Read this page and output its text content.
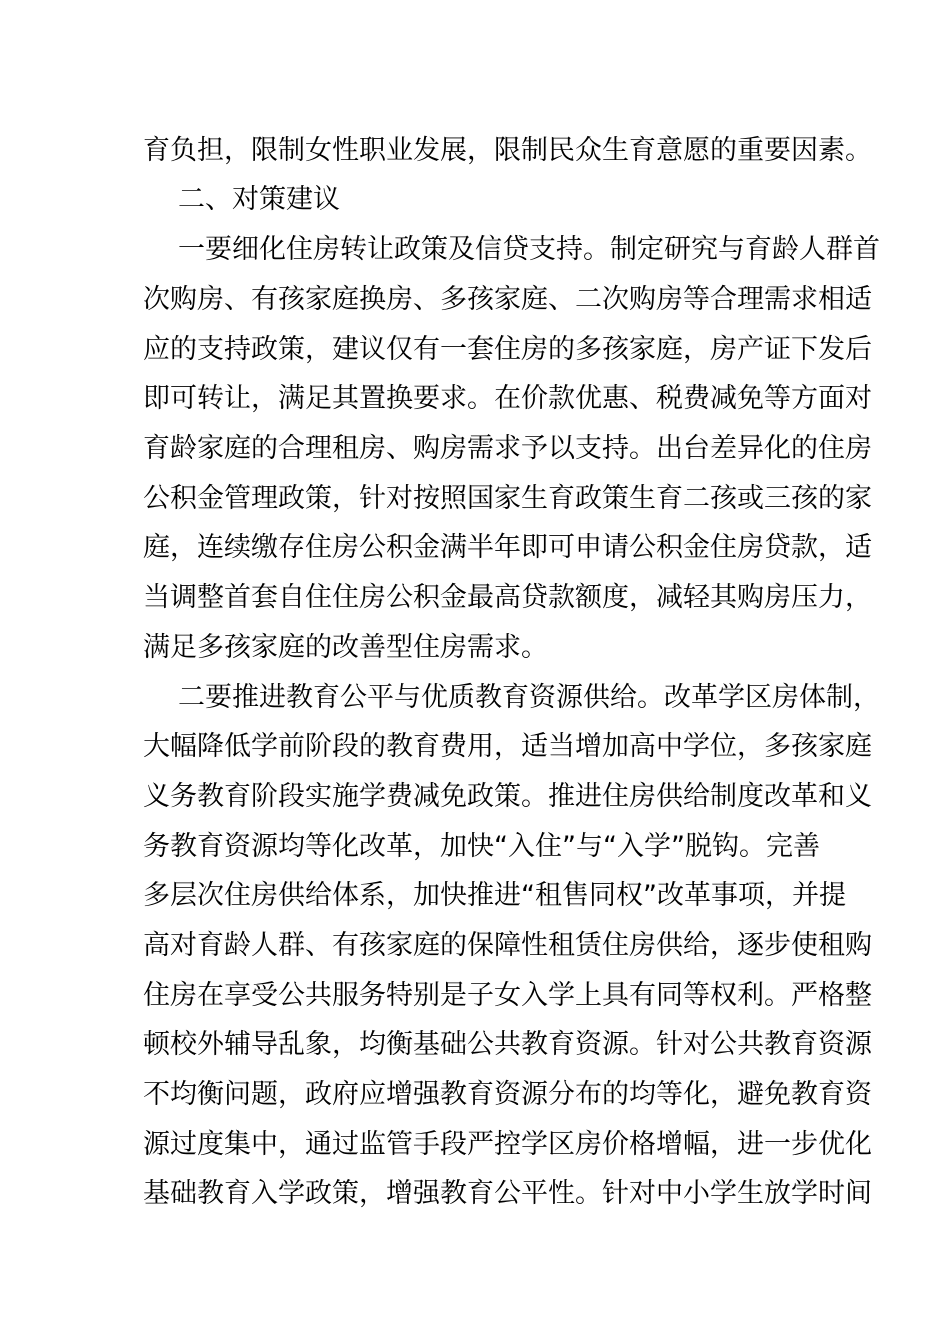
育负担，限制女性职业发展，限制民众生育意愿的重要因素。
二、对策建议
一要细化住房转让政策及信贷支持。制定研究与育龄人群首
次购房、有孩家庭换房、多孩家庭、二次购房等合理需求相适
应的支持政策，建议仅有一套住房的多孩家庭，房产证下发后
即可转让，满足其置换要求。在价款优惠、税费减免等方面对
育龄家庭的合理租房、购房需求予以支持。出台差异化的住房
公积金管理政策，针对按照国家生育政策生育二孩或三孩的家
庭，连续缴存住房公积金满半年即可申请公积金住房贷款，适
当调整首套自住住房公积金最高贷款额度，减轻其购房压力，
满足多孩家庭的改善型住房需求。
二要推进教育公平与优质教育资源供给。改革学区房体制，
大幅降低学前阶段的教育费用，适当增加高中学位，多孩家庭
义务教育阶段实施学费减免政策。推进住房供给制度改革和义
务教育资源均等化改革，加快“入住”与“入学”脱钩。完善
多层次住房供给体系，加快推进“租售同权”改革事项，并提
高对育龄人群、有孩家庭的保障性租赁住房供给，逐步使租购
住房在享受公共服务特别是子女入学上具有同等权利。严格整
顿校外辅导乱象，均衡基础公共教育资源。针对公共教育资源
不均衡问题，政府应增强教育资源分布的均等化，避免教育资
源过度集中，通过监管手段严控学区房价格增幅，进一步优化
基础教育入学政策，增强教育公平性。针对中小学生放学时间
